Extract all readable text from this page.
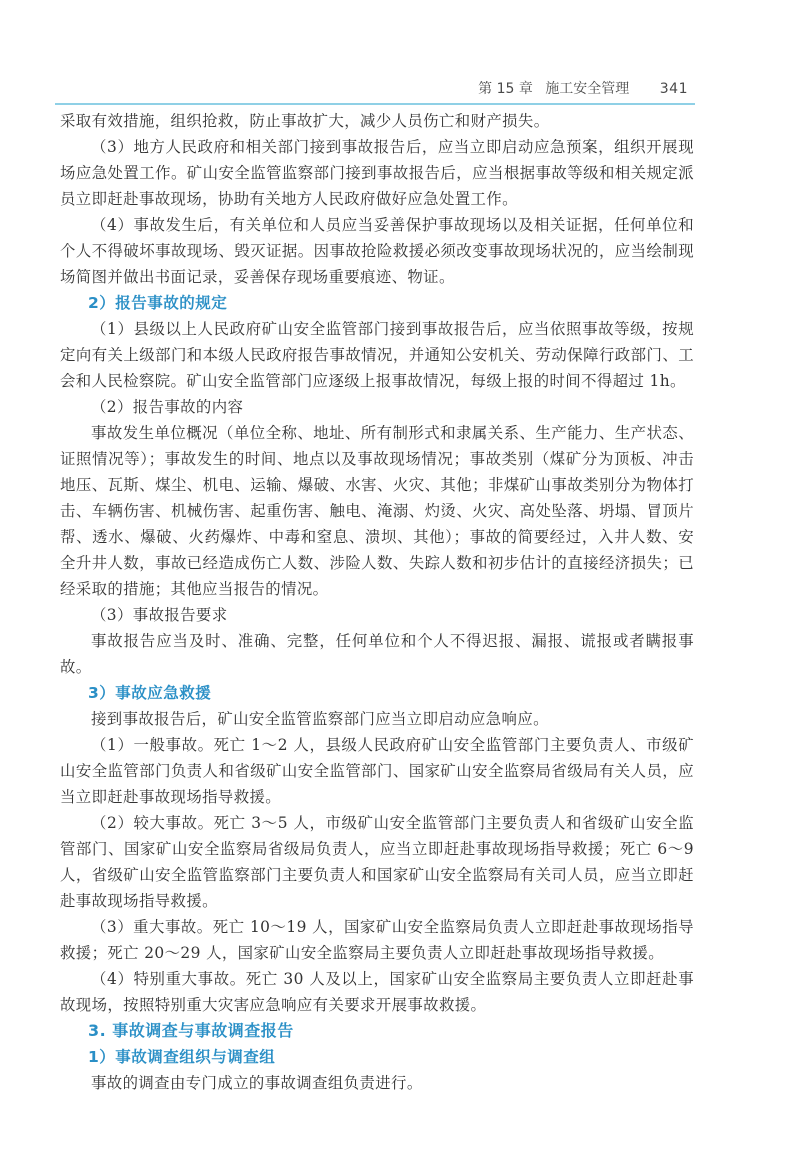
第 15 章 施工安全管理 341

采取有效措施，组织抢救，防止事故扩大，减少人员伤亡和财产损失。

（3）地方人民政府和相关部门接到事故报告后，应当立即启动应急预案，组织开展现场应急处置工作。矿山安全监管监察部门接到事故报告后，应当根据事故等级和相关规定派员立即赶赴事故现场，协助有关地方人民政府做好应急处置工作。

（4）事故发生后，有关单位和人员应当妥善保护事故现场以及相关证据，任何单位和个人不得破坏事故现场、毁灭证据。因事故抢险救援必须改变事故现场状况的，应当绘制现场简图并做出书面记录，妥善保存现场重要痕迹、物证。

2）报告事故的规定

（1）县级以上人民政府矿山安全监管部门接到事故报告后，应当依照事故等级，按规定向有关上级部门和本级人民政府报告事故情况，并通知公安机关、劳动保障行政部门、工会和人民检察院。矿山安全监管部门应逐级上报事故情况，每级上报的时间不得超过 1h。

（2）报告事故的内容

事故发生单位概况（单位全称、地址、所有制形式和隶属关系、生产能力、生产状态、证照情况等）；事故发生的时间、地点以及事故现场情况；事故类别（煤矿分为顶板、冲击地压、瓦斯、煤尘、机电、运输、爆破、水害、火灾、其他；非煤矿山事故类别分为物体打击、车辆伤害、机械伤害、起重伤害、触电、淹溺、灼烫、火灾、高处坠落、坍塌、冒顶片帮、透水、爆破、火药爆炸、中毒和窒息、溃坝、其他）；事故的简要经过，入井人数、安全升井人数，事故已经造成伤亡人数、涉险人数、失踪人数和初步估计的直接经济损失；已经采取的措施；其他应当报告的情况。

（3）事故报告要求

事故报告应当及时、准确、完整，任何单位和个人不得迟报、漏报、谎报或者瞒报事故。

3）事故应急救援

接到事故报告后，矿山安全监管监察部门应当立即启动应急响应。

（1）一般事故。死亡 1～2 人，县级人民政府矿山安全监管部门主要负责人、市级矿山安全监管部门负责人和省级矿山安全监管部门、国家矿山安全监察局省级局有关人员，应当立即赶赴事故现场指导救援。

（2）较大事故。死亡 3～5 人，市级矿山安全监管部门主要负责人和省级矿山安全监管部门、国家矿山安全监察局省级局负责人，应当立即赶赴事故现场指导救援；死亡 6～9 人，省级矿山安全监管监察部门主要负责人和国家矿山安全监察局有关司人员，应当立即赶赴事故现场指导救援。

（3）重大事故。死亡 10～19 人，国家矿山安全监察局负责人立即赶赴事故现场指导救援；死亡 20～29 人，国家矿山安全监察局主要负责人立即赶赴事故现场指导救援。

（4）特别重大事故。死亡 30 人及以上，国家矿山安全监察局主要负责人立即赶赴事故现场，按照特别重大灾害应急响应有关要求开展事故救援。

3. 事故调查与事故调查报告
1）事故调查组织与调查组

事故的调查由专门成立的事故调查组负责进行。
